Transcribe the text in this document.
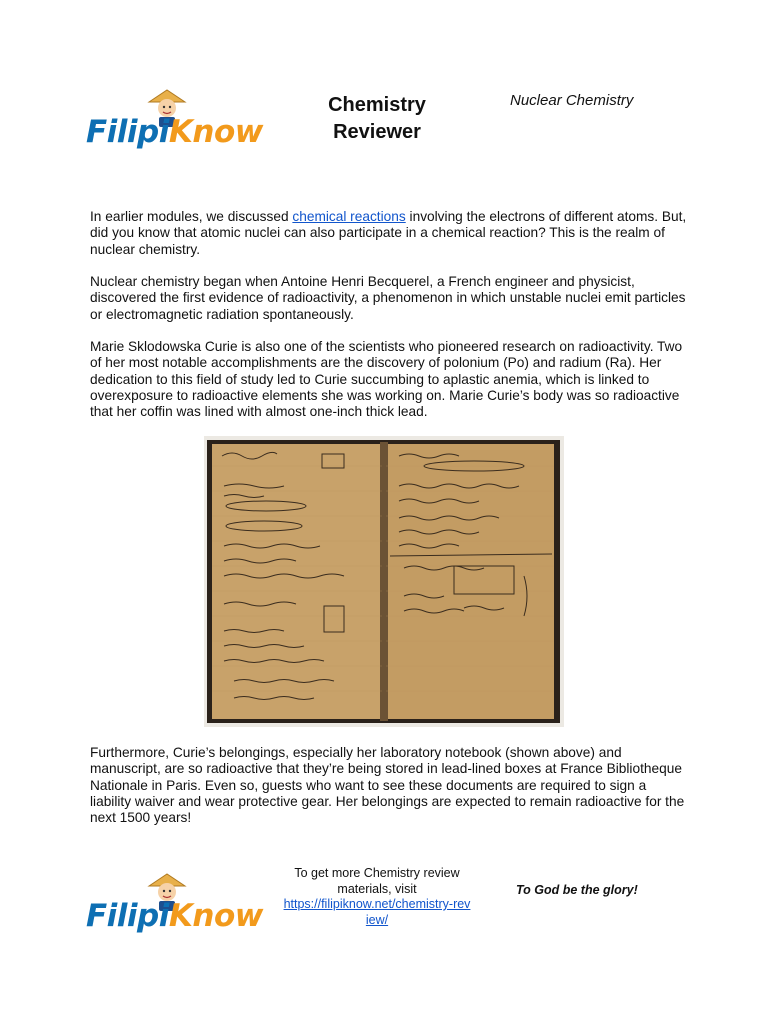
FilipiKnow
Chemistry Reviewer
Nuclear Chemistry

In earlier modules, we discussed chemical reactions involving the electrons of different atoms. But, did you know that atomic nuclei can also participate in a chemical reaction? This is the realm of nuclear chemistry.

Nuclear chemistry began when Antoine Henri Becquerel, a French engineer and physicist, discovered the first evidence of radioactivity, a phenomenon in which unstable nuclei emit particles or electromagnetic radiation spontaneously.

Marie Sklodowska Curie is also one of the scientists who pioneered research on radioactivity. Two of her most notable accomplishments are the discovery of polonium (Po) and radium (Ra). Her dedication to this field of study led to Curie succumbing to aplastic anemia, which is linked to overexposure to radioactive elements she was working on. Marie Curie’s body was so radioactive that her coffin was lined with almost one-inch thick lead.

Furthermore, Curie’s belongings, especially her laboratory notebook (shown above) and manuscript, are so radioactive that they’re being stored in lead-lined boxes at France Bibliotheque Nationale in Paris. Even so, guests who want to see these documents are required to sign a liability waiver and wear protective gear. Her belongings are expected to remain radioactive for the next 1500 years!

FilipiKnow
To get more Chemistry review materials, visit
https://filipiknow.net/chemistry-review/
To God be the glory!
